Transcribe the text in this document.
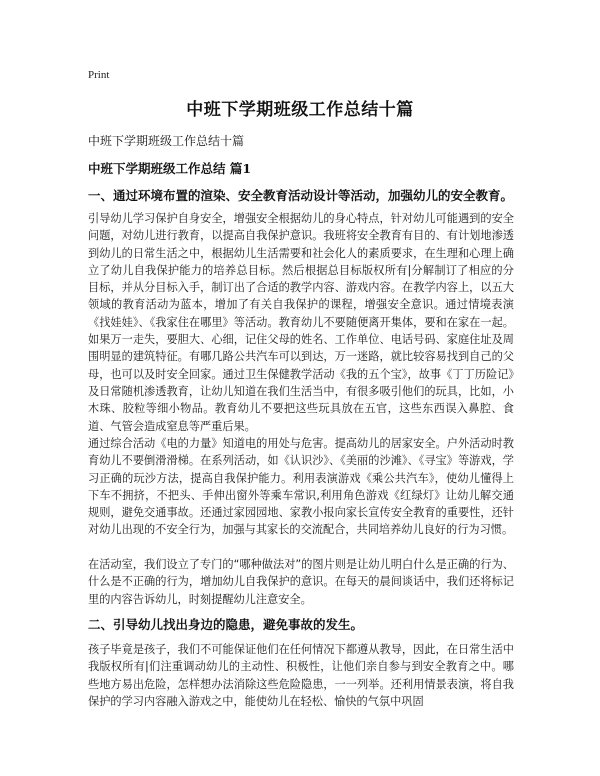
Print
中班下学期班级工作总结十篇
中班下学期班级工作总结十篇
中班下学期班级工作总结 篇1
一、通过环境布置的渲染、安全教育活动设计等活动，加强幼儿的安全教育。
引导幼儿学习保护自身安全，增强安全根据幼儿的身心特点，针对幼儿可能遇到的安全问题，对幼儿进行教育，以提高自我保护意识。我班将安全教育有目的、有计划地渗透到幼儿的日常生活之中，根据幼儿生活需要和社会化人的素质要求，在生理和心理上确立了幼儿自我保护能力的培养总目标。然后根据总目标版权所有|分解制订了相应的分目标，并从分目标入手，制订出了合适的教学内容、游戏内容。在教学内容上，以五大领域的教育活动为蓝本，增加了有关自我保护的课程，增强安全意识。通过情境表演《找娃娃》、《我家住在哪里》等活动。教育幼儿不要随便离开集体，要和在家在一起。如果万一走失，要胆大、心细，记住父母的姓名、工作单位、电话号码、家庭住址及周围明显的建筑特征。有哪几路公共汽车可以到达，万一迷路，就比较容易找到自己的父母，也可以及时安全回家。通过卫生保健教学活动《我的五个宝》，故事《丁丁历险记》及日常随机渗透教育，让幼儿知道在我们生活当中，有很多吸引他们的玩具，比如，小木珠、胶粒等细小物品。教育幼儿不要把这些玩具放在五官，这些东西误入鼻腔、食道、气管会造成窒息等严重后果。
通过综合活动《电的力量》知道电的用处与危害。提高幼儿的居家安全。户外活动时教育幼儿不要倒滑滑梯。在系列活动，如《认识沙》、《美丽的沙滩》、《寻宝》等游戏，学习正确的玩沙方法，提高自我保护能力。利用表演游戏《乘公共汽车》，使幼儿懂得上下车不拥挤，不把头、手伸出窗外等乘车常识,利用角色游戏《红绿灯》让幼儿解交通规则，避免交通事故。还通过家园园地、家教小报向家长宣传安全教育的重要性，还针对幼儿出现的不安全行为，加强与其家长的交流配合，共同培养幼儿良好的行为习惯。
在活动室，我们设立了专门的“哪种做法对”的图片则是让幼儿明白什么是正确的行为、什么是不正确的行为，增加幼儿自我保护的意识。在每天的晨间谈话中，我们还将标记里的内容告诉幼儿，时刻提醒幼儿注意安全。
二、引导幼儿找出身边的隐患，避免事故的发生。
孩子毕竟是孩子，我们不可能保证他们在任何情况下都遵从教导，因此，在日常生活中我版权所有|们注重调动幼儿的主动性、积极性，让他们亲自参与到安全教育之中。哪些地方易出危险，怎样想办法消除这些危险隐患，一一列举。还利用情景表演，将自我保护的学习内容融入游戏之中，能使幼儿在轻松、愉快的气氛中巩固
